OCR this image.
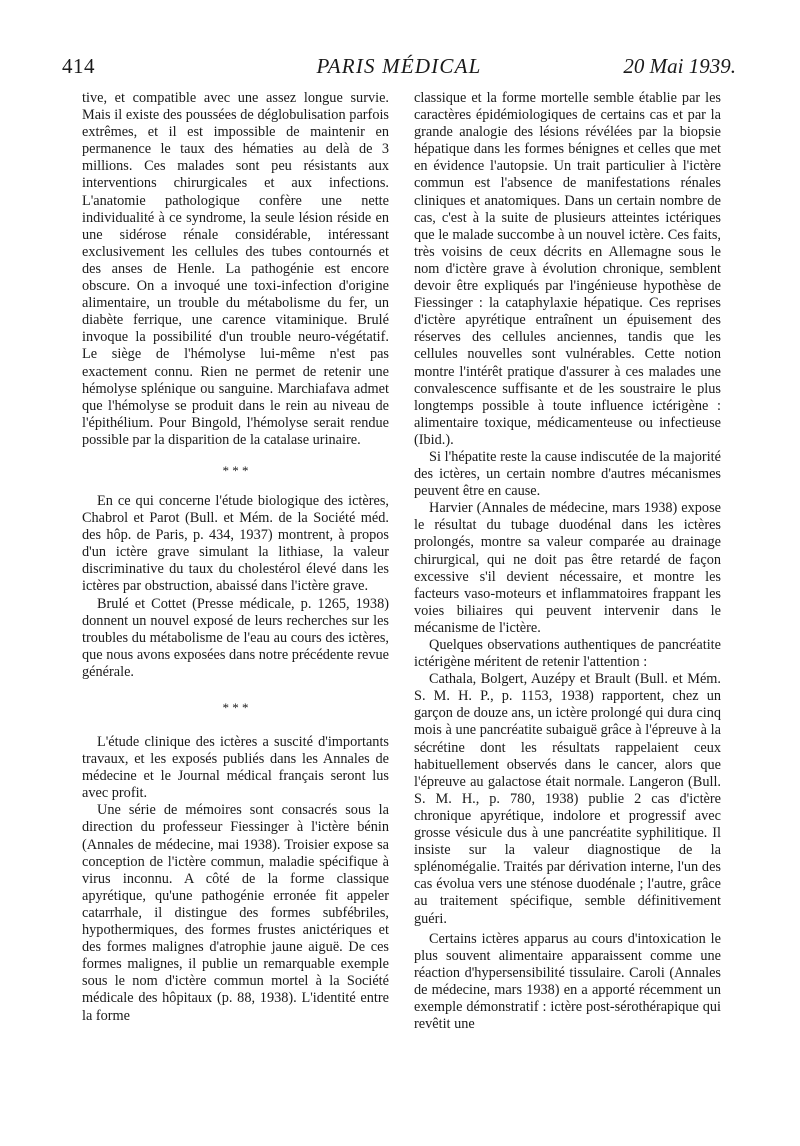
414	PARIS MÉDICAL	20 Mai 1939.

tive, et compatible avec une assez longue survie. Mais il existe des poussées de déglobulisation parfois extrêmes, et il est impossible de maintenir en permanence le taux des hématies au delà de 3 millions. Ces malades sont peu résistants aux interventions chirurgicales et aux infections. L'anatomie pathologique confère une nette individualité à ce syndrome, la seule lésion réside en une sidérose rénale considérable, intéressant exclusivement les cellules des tubes contournés et des anses de Henle. La pathogénie est encore obscure. On a invoqué une toxi-infection d'origine alimentaire, un trouble du métabolisme du fer, un diabète ferrique, une carence vitaminique. Brulé invoque la possibilité d'un trouble neuro-végétatif. Le siège de l'hémolyse lui-même n'est pas exactement connu. Rien ne permet de retenir une hémolyse splénique ou sanguine. Marchiafava admet que l'hémolyse se produit dans le rein au niveau de l'épithélium. Pour Bingold, l'hémolyse serait rendue possible par la disparition de la catalase urinaire.

* * *

En ce qui concerne l'étude biologique des ictères, Chabrol et Parot (Bull. et Mém. de la Société méd. des hôp. de Paris, p. 434, 1937) montrent, à propos d'un ictère grave simulant la lithiase, la valeur discriminative du taux du cholestérol élevé dans les ictères par obstruction, abaissé dans l'ictère grave.

Brulé et Cottet (Presse médicale, p. 1265, 1938) donnent un nouvel exposé de leurs recherches sur les troubles du métabolisme de l'eau au cours des ictères, que nous avons exposées dans notre précédente revue générale.

* * *

L'étude clinique des ictères a suscité d'importants travaux, et les exposés publiés dans les Annales de médecine et le Journal médical français seront lus avec profit.

Une série de mémoires sont consacrés sous la direction du professeur Fiessinger à l'ictère bénin (Annales de médecine, mai 1938). Troisier expose sa conception de l'ictère commun, maladie spécifique à virus inconnu. A côté de la forme classique apyrétique, qu'une pathogénie erronée fit appeler catarrhale, il distingue des formes subfébriles, hypothermiques, des formes frustes anictériques et des formes malignes d'atrophie jaune aiguë. De ces formes malignes, il publie un remarquable exemple sous le nom d'ictère commun mortel à la Société médicale des hôpitaux (p. 88, 1938). L'identité entre la forme

classique et la forme mortelle semble établie par les caractères épidémiologiques de certains cas et par la grande analogie des lésions révélées par la biopsie hépatique dans les formes bénignes et celles que met en évidence l'autopsie. Un trait particulier à l'ictère commun est l'absence de manifestations rénales cliniques et anatomiques. Dans un certain nombre de cas, c'est à la suite de plusieurs atteintes ictériques que le malade succombe à un nouvel ictère. Ces faits, très voisins de ceux décrits en Allemagne sous le nom d'ictère grave à évolution chronique, semblent devoir être expliqués par l'ingénieuse hypothèse de Fiessinger : la cataphylaxie hépatique. Ces reprises d'ictère apyrétique entraînent un épuisement des réserves des cellules anciennes, tandis que les cellules nouvelles sont vulnérables. Cette notion montre l'intérêt pratique d'assurer à ces malades une convalescence suffisante et de les soustraire le plus longtemps possible à toute influence ictérigène : alimentaire toxique, médicamenteuse ou infectieuse (Ibid.).

Si l'hépatite reste la cause indiscutée de la majorité des ictères, un certain nombre d'autres mécanismes peuvent être en cause.

Harvier (Annales de médecine, mars 1938) expose le résultat du tubage duodénal dans les ictères prolongés, montre sa valeur comparée au drainage chirurgical, qui ne doit pas être retardé de façon excessive s'il devient nécessaire, et montre les facteurs vaso-moteurs et inflammatoires frappant les voies biliaires qui peuvent intervenir dans le mécanisme de l'ictère.

Quelques observations authentiques de pancréatite ictérigène méritent de retenir l'attention :

Cathala, Bolgert, Auzépy et Brault (Bull. et Mém. S. M. H. P., p. 1153, 1938) rapportent, chez un garçon de douze ans, un ictère prolongé qui dura cinq mois à une pancréatite subaiguë grâce à l'épreuve à la sécrétine dont les résultats rappelaient ceux habituellement observés dans le cancer, alors que l'épreuve au galactose était normale. Langeron (Bull. S. M. H., p. 780, 1938) publie 2 cas d'ictère chronique apyrétique, indolore et progressif avec grosse vésicule dus à une pancréatite syphilitique. Il insiste sur la valeur diagnostique de la splénomégalie. Traités par dérivation interne, l'un des cas évolua vers une sténose duodénale ; l'autre, grâce au traitement spécifique, semble définitivement guéri.

Certains ictères apparus au cours d'intoxication le plus souvent alimentaire apparaissent comme une réaction d'hypersensibilité tissulaire. Caroli (Annales de médecine, mars 1938) en a apporté récemment un exemple démonstratif : ictère post-sérothérapique qui revêtit une
